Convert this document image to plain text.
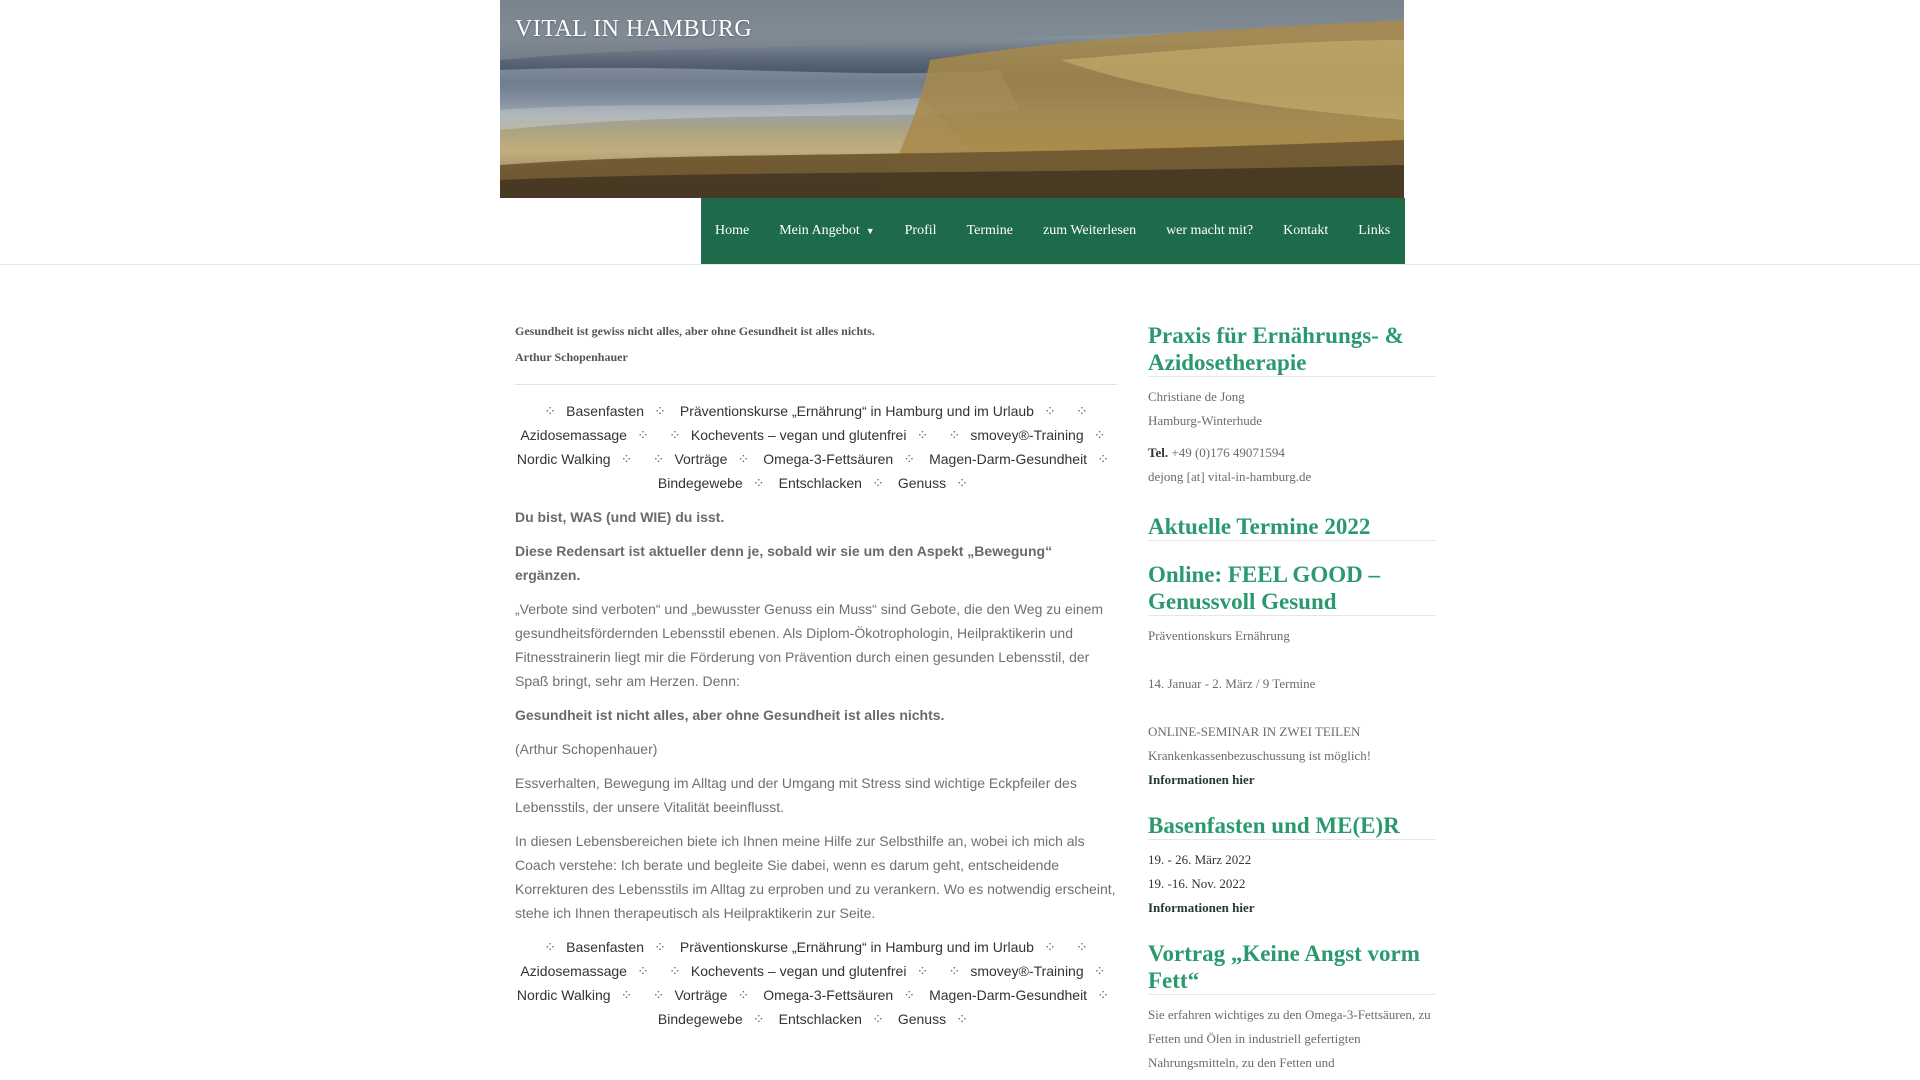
VITAL IN HAMBURG
Home Mein Angebot ▼ Profil Termine zum Weiterlesen wer macht mit? Kontakt Links

Gesundheit ist gewiss nicht alles, aber ohne Gesundheit ist alles nichts.

Arthur Schopenhauer

⁘ Basenfasten ⁘ Präventionskurse „Ernährung“ in Hamburg und im Urlaub ⁘ ⁘Azidosemassage ⁘ ⁘ Kochevents – vegan und glutenfrei ⁘ ⁘ smovey®-Training ⁘ Nordic Walking ⁘ ⁘ Vorträge ⁘ Omega-3-Fettsäuren ⁘ Magen-Darm-Gesundheit ⁘ Bindegewebe ⁘ Entschlacken ⁘ Genuss ⁘

Du bist, WAS (und WIE) du isst.

Diese Redensart ist aktueller denn je, sobald wir sie um den Aspekt „Bewegung“ ergänzen.

„Verbote sind verboten“ und „bewusster Genuss ein Muss“ sind Gebote, die den Weg zu einem gesundheitsfördernden Lebensstil ebenen. Als Diplom-Ökotrophologin, Heilpraktikerin und Fitnesstrainerin liegt mir die Förderung von Prävention durch einen gesunden Lebensstil, der Spaß bringt, sehr am Herzen. Denn:

Gesundheit ist nicht alles, aber ohne Gesundheit ist alles nichts.

(Arthur Schopenhauer)

Essverhalten, Bewegung im Alltag und der Umgang mit Stress sind wichtige Eckpfeiler des Lebensstils, der unsere Vitalität beeinflusst.

In diesen Lebensbereichen biete ich Ihnen meine Hilfe zur Selbsthilfe an, wobei ich mich als Coach verstehe: Ich berate und begleite Sie dabei, wenn es darum geht, entscheidende Korrekturen des Lebensstils im Alltag zu erproben und zu verankern. Wo es notwendig erscheint, stehe ich Ihnen therapeutisch als Heilpraktikerin zur Seite.

⁘ Basenfasten ⁘ Präventionskurse „Ernährung“ in Hamburg und im Urlaub ⁘ ⁘Azidosemassage ⁘ ⁘ Kochevents – vegan und glutenfrei ⁘ ⁘ smovey®-Training ⁘ Nordic Walking ⁘ ⁘ Vorträge ⁘ Omega-3-Fettsäuren ⁘ Magen-Darm-Gesundheit ⁘ Bindegewebe ⁘ Entschlacken ⁘ Genuss ⁘
Praxis für Ernährungs- & Azidosetherapie

Christiane de Jong

Hamburg-Winterhude

Tel. +49 (0)176 49071594

dejong [at] vital-in-hamburg.de

Aktuelle Termine 2022
Online: FEEL GOOD – Genussvoll Gesund

Präventionskurs Ernährung

14. Januar - 2. März / 9 Termine

ONLINE-SEMINAR IN ZWEI TEILEN

Krankenkassenbezuschussung ist möglich!

Informationen hier
Basenfasten und ME(E)R

19. - 26. März 2022

19. -16. Nov. 2022

Informationen hier
Vortrag „Keine Angst vorm Fett“

Sie erfahren wichtiges zu den Omega-3-Fettsäuren, zu Fetten und Ölen in industriell gefertigten Nahrungsmitteln, zu den Fetten und
